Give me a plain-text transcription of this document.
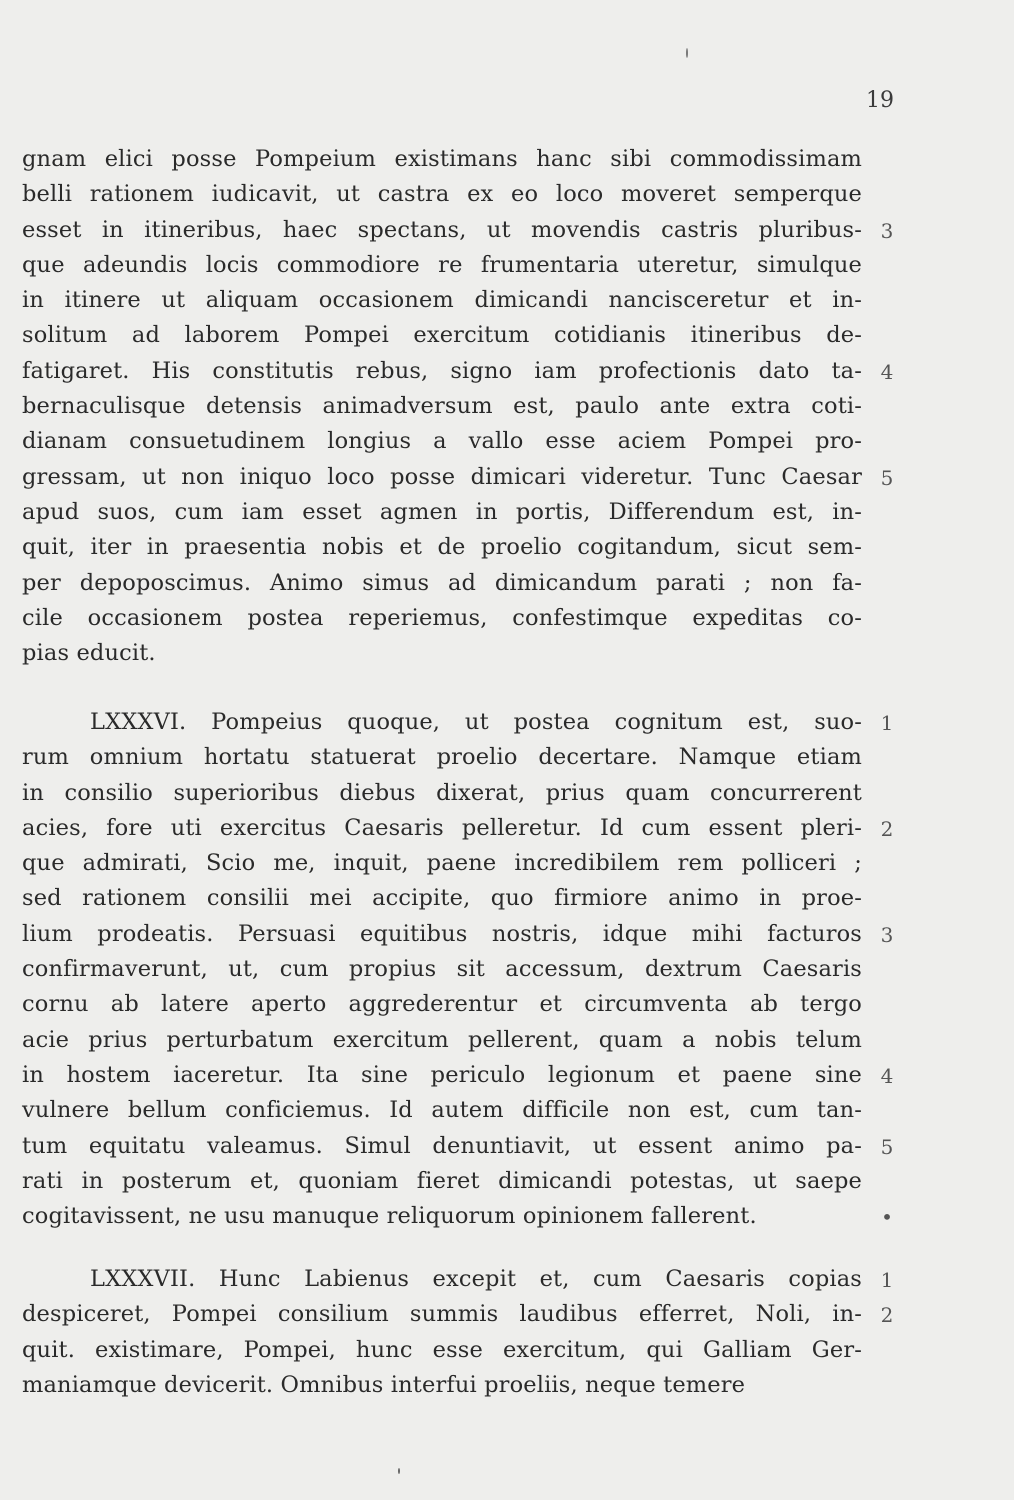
19
gnam elici posse Pompeium existimans hanc sibi commodissimam
belli rationem iudicavit, ut castra ex eo loco moveret semperque
esset in itineribus, haec spectans, ut movendis castris pluribus-
que adeundis locis commodiore re frumentaria uteretur, simulque
in itinere ut aliquam occasionem dimicandi nancisceretur et in-
solitum ad laborem Pompei exercitum cotidianis itineribus de-
fatigaret. His constitutis rebus, signo iam profectionis dato ta-
bernaculisque detensis animadversum est, paulo ante extra coti-
dianam consuetudinem longius a vallo esse aciem Pompei pro-
gressam, ut non iniquo loco posse dimicari videretur. Tunc Caesar
apud suos, cum iam esset agmen in portis, Differendum est, in-
quit, iter in praesentia nobis et de proelio cogitandum, sicut sem-
per depoposcimus. Animo simus ad dimicandum parati ; non fa-
cile occasionem postea reperiemus, confestimque expeditas co-
pias educit.
3
4
5
LXXXVI. Pompeius quoque, ut postea cognitum est, suo-
rum omnium hortatu statuerat proelio decertare. Namque etiam
in consilio superioribus diebus dixerat, prius quam concurrerent
acies, fore uti exercitus Caesaris pelleretur. Id cum essent pleri-
que admirati, Scio me, inquit, paene incredibilem rem polliceri ;
sed rationem consilii mei accipite, quo firmiore animo in proe-
lium prodeatis. Persuasi equitibus nostris, idque mihi facturos
confirmaverunt, ut, cum propius sit accessum, dextrum Caesaris
cornu ab latere aperto aggrederentur et circumventa ab tergo
acie prius perturbatum exercitum pellerent, quam a nobis telum
in hostem iaceretur. Ita sine periculo legionum et paene sine
vulnere bellum conficiemus. Id autem difficile non est, cum tan-
tum equitatu valeamus. Simul denuntiavit, ut essent animo pa-
rati in posterum et, quoniam fieret dimicandi potestas, ut saepe
cogitavissent, ne usu manuque reliquorum opinionem fallerent.
1
2
3
4
5
•
LXXXVII. Hunc Labienus excepit et, cum Caesaris copias
despiceret, Pompei consilium summis laudibus efferret, Noli, in-
quit. existimare, Pompei, hunc esse exercitum, qui Galliam Ger-
maniamque devicerit. Omnibus interfui proeliis, neque temere
1
2
